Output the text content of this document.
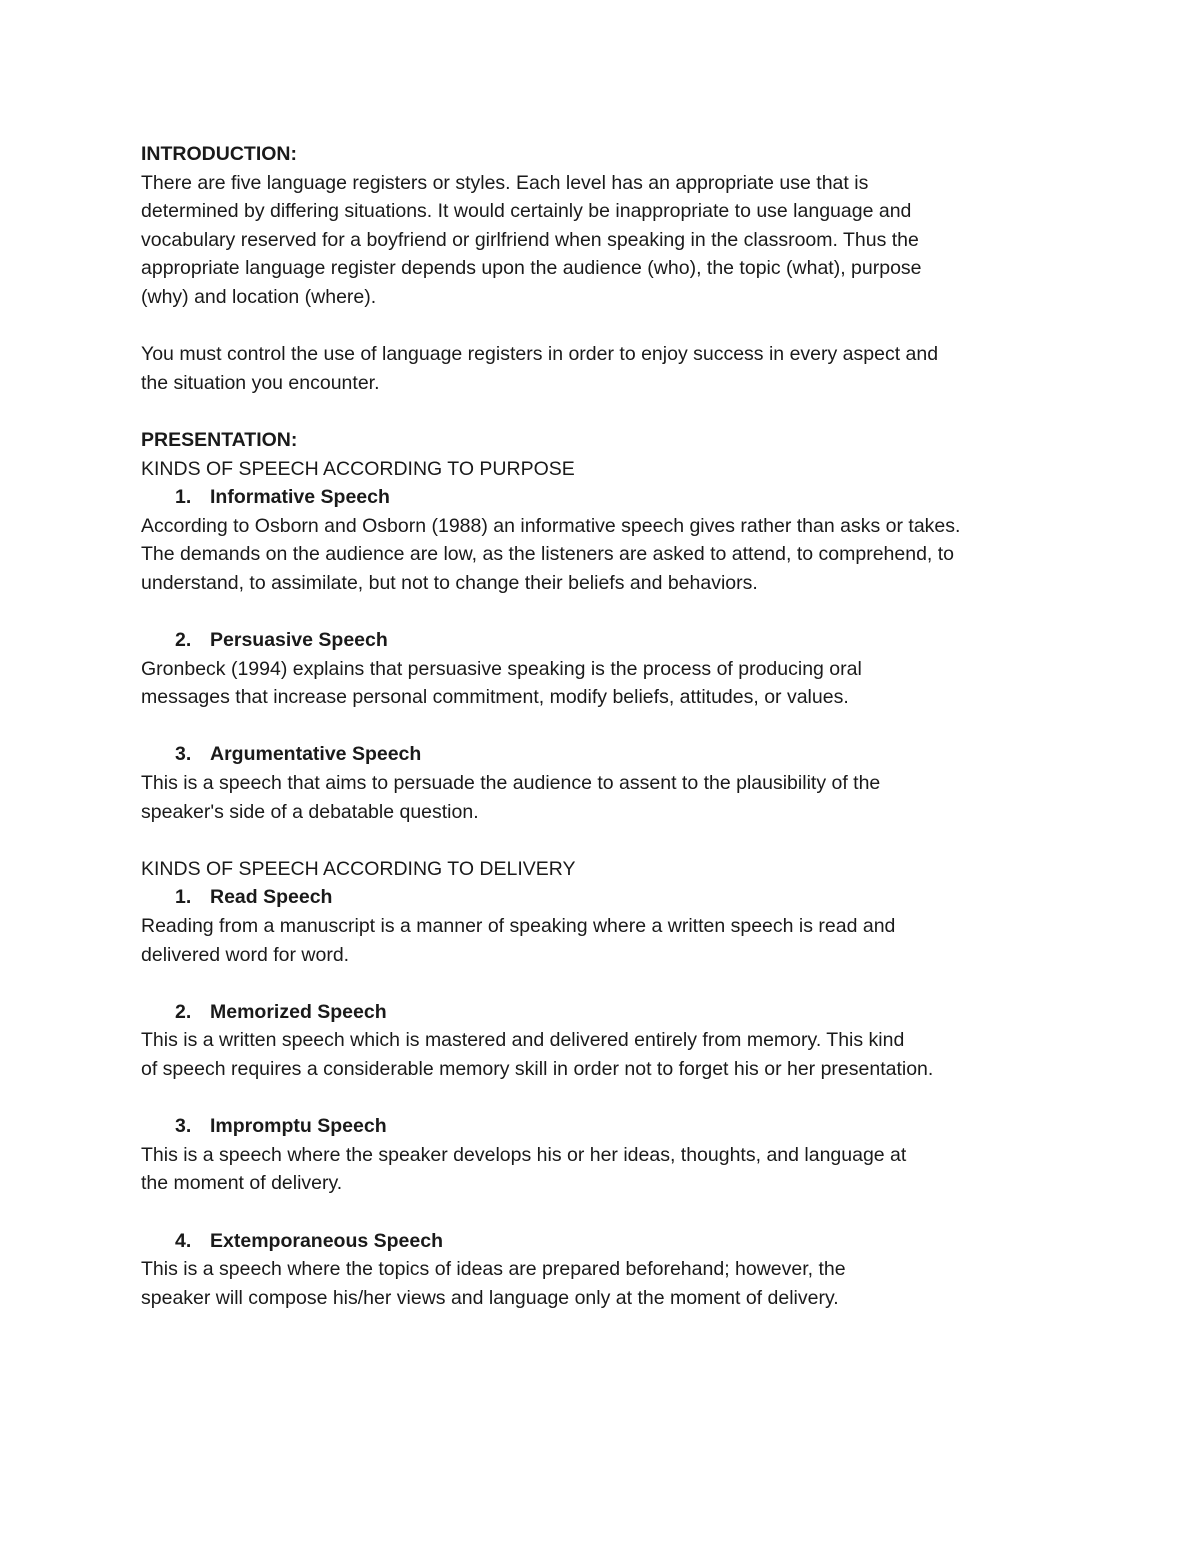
INTRODUCTION:

There are five language registers or styles. Each level has an appropriate use that is
determined by differing situations. It would certainly be inappropriate to use language and
vocabulary reserved for a boyfriend or girlfriend when speaking in the classroom. Thus the
appropriate language register depends upon the audience (who), the topic (what), purpose
(why) and location (where).

You must control the use of language registers in order to enjoy success in every aspect and
the situation you encounter.

PRESENTATION:

KINDS OF SPEECH ACCORDING TO PURPOSE

1. Informative Speech

According to Osborn and Osborn (1988) an informative speech gives rather than asks or takes.
The demands on the audience are low, as the listeners are asked to attend, to comprehend, to
understand, to assimilate, but not to change their beliefs and behaviors.

2. Persuasive Speech

Gronbeck (1994) explains that persuasive speaking is the process of producing oral
messages that increase personal commitment, modify beliefs, attitudes, or values.

3. Argumentative Speech

This is a speech that aims to persuade the audience to assent to the plausibility of the
speaker's side of a debatable question.

KINDS OF SPEECH ACCORDING TO DELIVERY

1. Read Speech

Reading from a manuscript is a manner of speaking where a written speech is read and
delivered word for word.

2. Memorized Speech

This is a written speech which is mastered and delivered entirely from memory. This kind
of speech requires a considerable memory skill in order not to forget his or her presentation.

3. Impromptu Speech

This is a speech where the speaker develops his or her ideas, thoughts, and language at
the moment of delivery.

4. Extemporaneous Speech

This is a speech where the topics of ideas are prepared beforehand; however, the
speaker will compose his/her views and language only at the moment of delivery.
